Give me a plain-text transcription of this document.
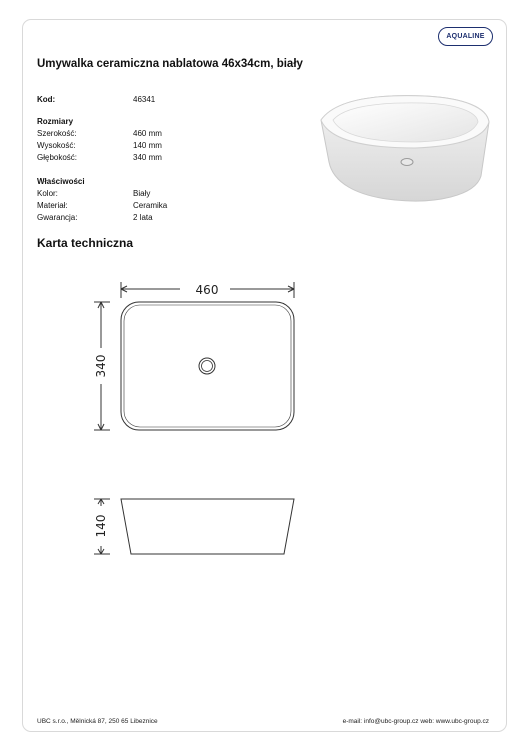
AQUALINE
Umywalka ceramiczna nablatowa 46x34cm, biały
Kod:	46341
Rozmiary
Szerokość:	460 mm
Wysokość:	140 mm
Głębokość:	340 mm
Właściwości
Kolor:	Biały
Materiał:	Ceramika
Gwarancja:	2 lata
Karta techniczna
460
340
140
UBC s.r.o., Mělnická 87, 250 65 Libeznice	e-mail: info@ubc-group.cz web: www.ubc-group.cz
